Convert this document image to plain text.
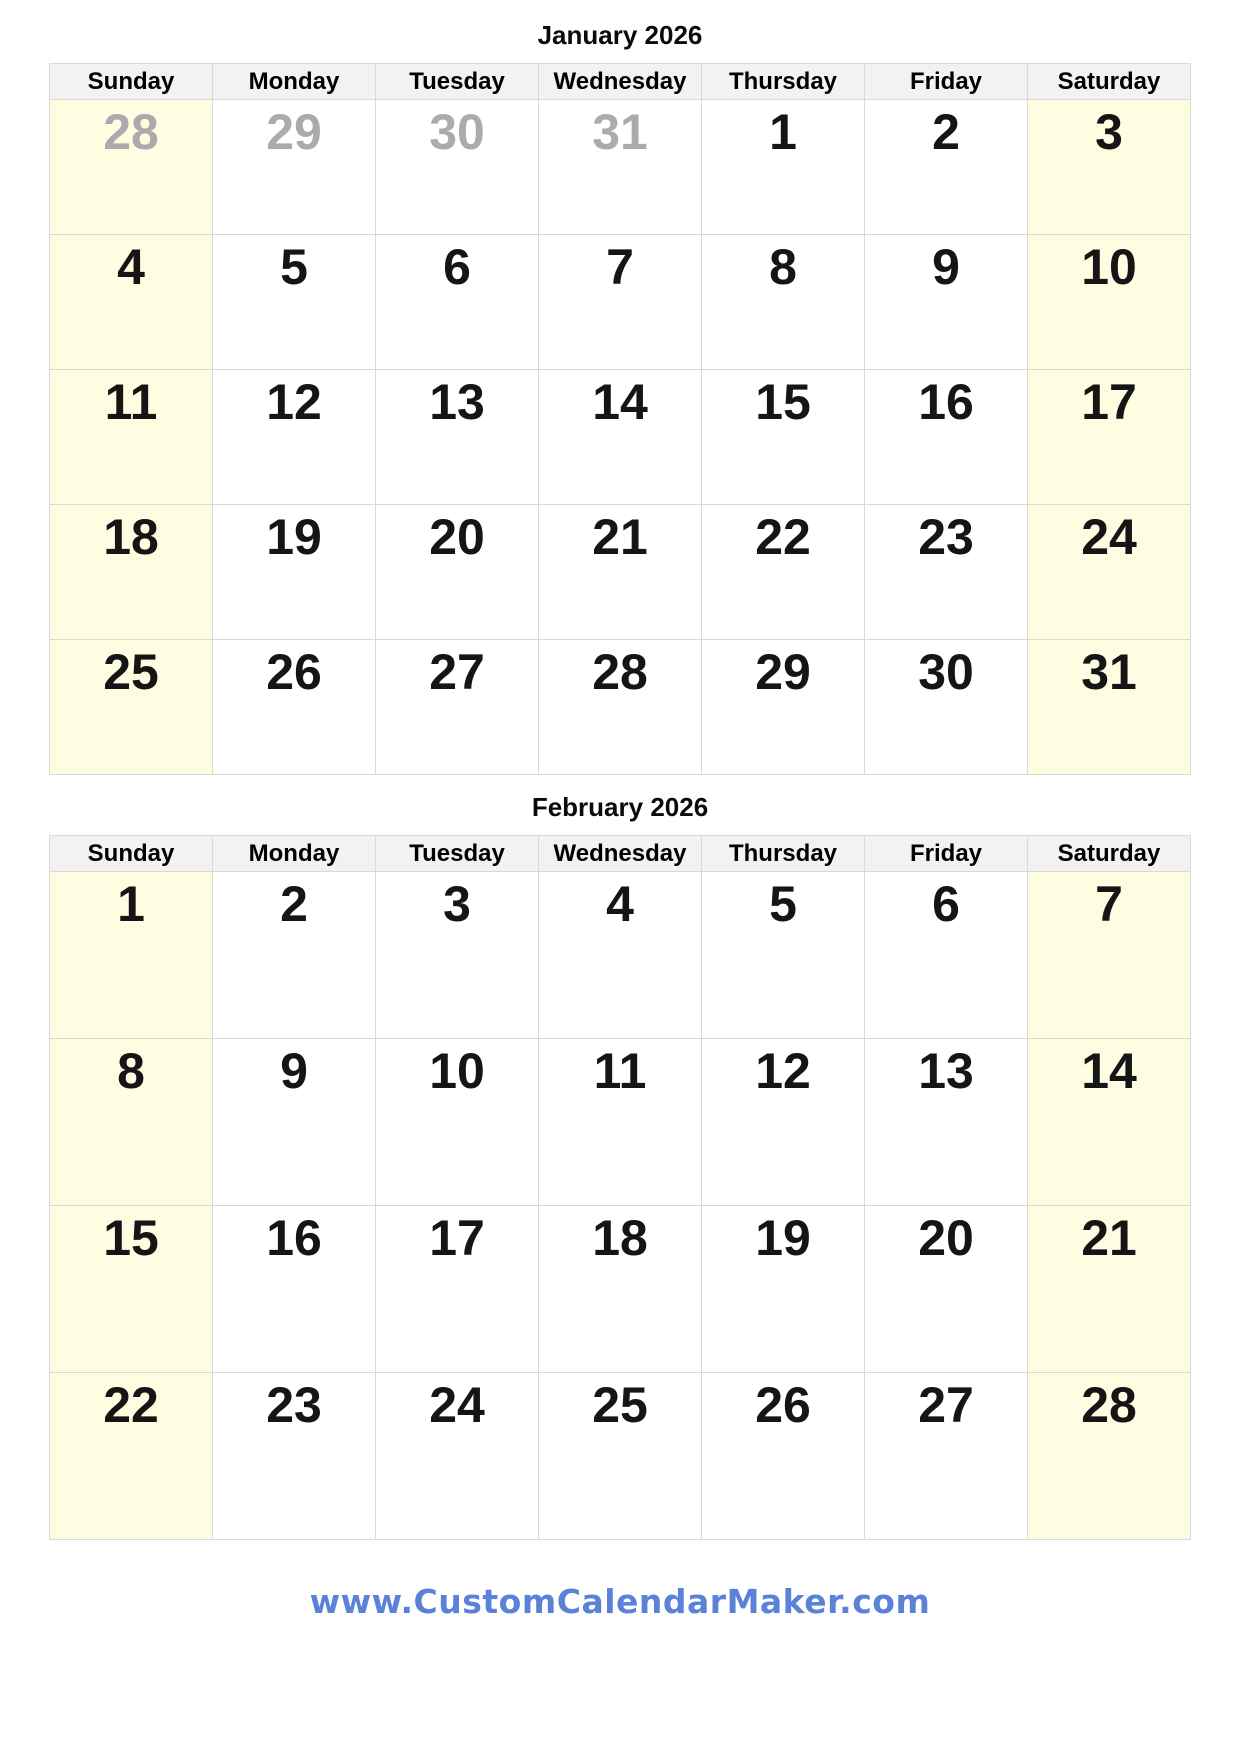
January 2026
Sunday	Monday	Tuesday	Wednesday	Thursday	Friday	Saturday
28	29	30	31	1	2	3
4	5	6	7	8	9	10
11	12	13	14	15	16	17
18	19	20	21	22	23	24
25	26	27	28	29	30	31
February 2026
Sunday	Monday	Tuesday	Wednesday	Thursday	Friday	Saturday
1	2	3	4	5	6	7
8	9	10	11	12	13	14
15	16	17	18	19	20	21
22	23	24	25	26	27	28
www.CustomCalendarMaker.com
